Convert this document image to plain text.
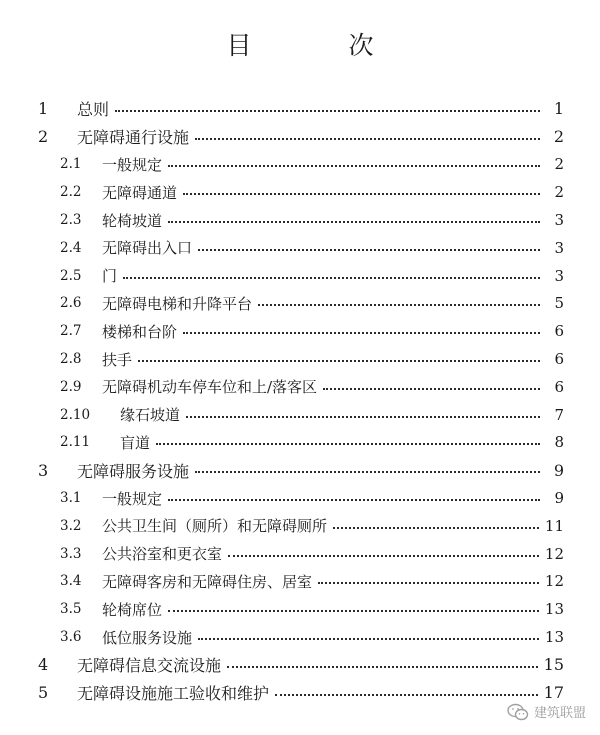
目　次
1 总则	1
2 无障碍通行设施	2
2.1 一般规定	2
2.2 无障碍通道	2
2.3 轮椅坡道	3
2.4 无障碍出入口	3
2.5 门	3
2.6 无障碍电梯和升降平台	5
2.7 楼梯和台阶	6
2.8 扶手	6
2.9 无障碍机动车停车位和上/落客区	6
2.10 缘石坡道	7
2.11 盲道	8
3 无障碍服务设施	9
3.1 一般规定	9
3.2 公共卫生间（厕所）和无障碍厕所	11
3.3 公共浴室和更衣室	12
3.4 无障碍客房和无障碍住房、居室	12
3.5 轮椅席位	13
3.6 低位服务设施	13
4 无障碍信息交流设施	15
5 无障碍设施施工验收和维护	17
建筑联盟
